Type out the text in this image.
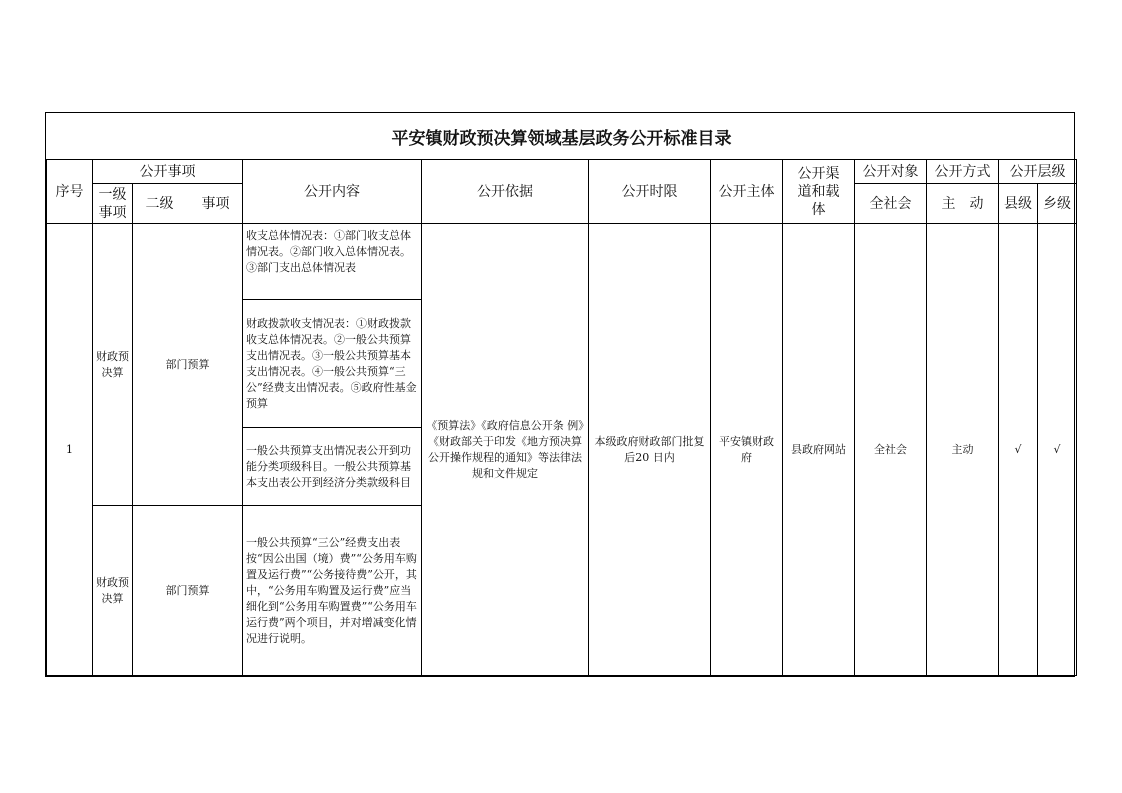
平安镇财政预决算领域基层政务公开标准目录											
序号	公开事项		公开内容	公开依据	公开时限	公开主体	公开渠道和载体	公开对象	公开方式	公开层级	
	一级事项	二级　　 事项						全社会	主　动	县级	乡级
1	财政预决算	部门预算	收支总体情况表：①部门收支总体情况表。②部门收入总体情况表。③部门支出总体情况表	《预算法》《政府信息公开条 例》《财政部关于印发《地方预决算公开操作规程的通知》等法律法规和文件规定	本级政府财政部门批复后20 日内	平安镇财政府	县政府网站	全社会	主动	√	√
			财政拨款收支情况表：①财政拨款收支总体情况表。②一般公共预算支出情况表。③一般公共预算基本支出情况表。④一般公共预算“三公”经费支出情况表。⑤政府性基金预算								
			一般公共预算支出情况表公开到功能分类项级科目。一般公共预算基本支出表公开到经济分类款级科目								
	财政预决算	部门预算	一般公共预算“三公”经费支出表按“因公出国（境）费”“公务用车购置及运行费”“公务接待费”公开，其中，“公务用车购置及运行费”应当细化到“公务用车购置费”“公务用车运行费”两个项目，并对增减变化情况进行说明。								
